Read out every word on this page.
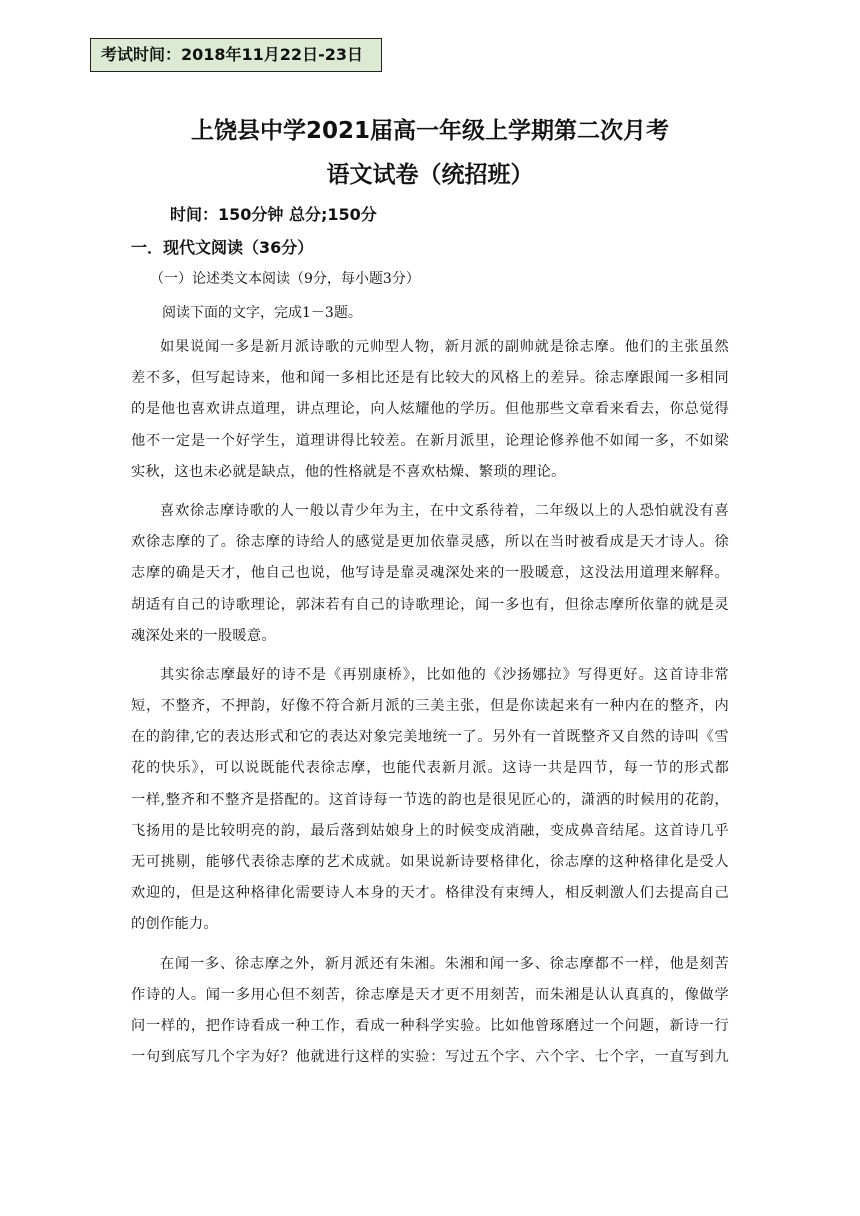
考试时间：2018年11月22日-23日
上饶县中学2021届高一年级上学期第二次月考
语文试卷（统招班）
时间：150分钟 总分;150分
一．现代文阅读（36分）
（一）论述类文本阅读（9分，每小题3分）
阅读下面的文字，完成1－3题。
如果说闻一多是新月派诗歌的元帅型人物，新月派的副帅就是徐志摩。他们的主张虽然
差不多，但写起诗来，他和闻一多相比还是有比较大的风格上的差异。徐志摩跟闻一多相同
的是他也喜欢讲点道理，讲点理论，向人炫耀他的学历。但他那些文章看来看去，你总觉得
他不一定是一个好学生，道理讲得比较差。在新月派里，论理论修养他不如闻一多，不如梁
实秋，这也未必就是缺点，他的性格就是不喜欢枯燥、繁琐的理论。
喜欢徐志摩诗歌的人一般以青少年为主，在中文系待着，二年级以上的人恐怕就没有喜
欢徐志摩的了。徐志摩的诗给人的感觉是更加依靠灵感，所以在当时被看成是天才诗人。徐
志摩的确是天才，他自己也说，他写诗是靠灵魂深处来的一股暖意，这没法用道理来解释。
胡适有自己的诗歌理论，郭沫若有自己的诗歌理论，闻一多也有，但徐志摩所依靠的就是灵
魂深处来的一股暖意。
其实徐志摩最好的诗不是《再别康桥》，比如他的《沙扬娜拉》写得更好。这首诗非常
短，不整齐，不押韵，好像不符合新月派的三美主张，但是你读起来有一种内在的整齐，内
在的韵律,它的表达形式和它的表达对象完美地统一了。另外有一首既整齐又自然的诗叫《雪
花的快乐》，可以说既能代表徐志摩，也能代表新月派。这诗一共是四节，每一节的形式都
一样,整齐和不整齐是搭配的。这首诗每一节选的韵也是很见匠心的，潇洒的时候用的花韵，
飞扬用的是比较明亮的韵，最后落到姑娘身上的时候变成消融，变成鼻音结尾。这首诗几乎
无可挑剔，能够代表徐志摩的艺术成就。如果说新诗要格律化，徐志摩的这种格律化是受人
欢迎的，但是这种格律化需要诗人本身的天才。格律没有束缚人，相反刺激人们去提高自己
的创作能力。
在闻一多、徐志摩之外，新月派还有朱湘。朱湘和闻一多、徐志摩都不一样，他是刻苦
作诗的人。闻一多用心但不刻苦，徐志摩是天才更不用刻苦，而朱湘是认认真真的，像做学
问一样的，把作诗看成一种工作，看成一种科学实验。比如他曾琢磨过一个问题，新诗一行
一句到底写几个字为好？他就进行这样的实验：写过五个字、六个字、七个字，一直写到九
